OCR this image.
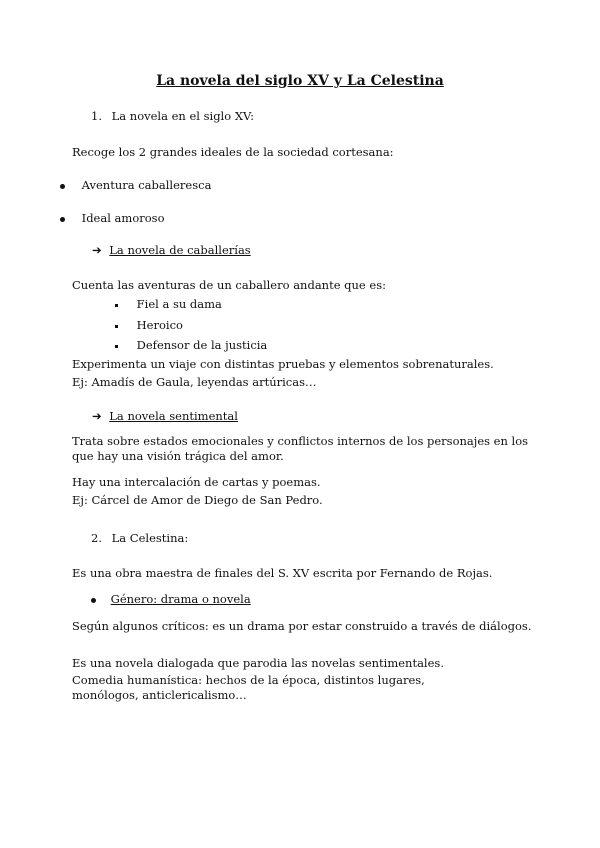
La novela del siglo XV y La Celestina
1. La novela en el siglo XV:
Recoge los 2 grandes ideales de la sociedad cortesana:
Aventura caballeresca
Ideal amoroso
➔ La novela de caballerías
Cuenta las aventuras de un caballero andante que es:
Fiel a su dama
Heroico
Defensor de la justicia
Experimenta un viaje con distintas pruebas y elementos sobrenaturales.
Ej: Amadís de Gaula, leyendas artúricas…
➔ La novela sentimental
Trata sobre estados emocionales y conflictos internos de los personajes en los que hay una visión trágica del amor.
Hay una intercalación de cartas y poemas.
Ej: Cárcel de Amor de Diego de San Pedro.
2. La Celestina:
Es una obra maestra de finales del S. XV escrita por Fernando de Rojas.
Género: drama o novela
Según algunos críticos: es un drama por estar construido a través de diálogos.
Es una novela dialogada que parodia las novelas sentimentales.
Comedia humanística: hechos de la época, distintos lugares, monólogos, anticlericalismo…
